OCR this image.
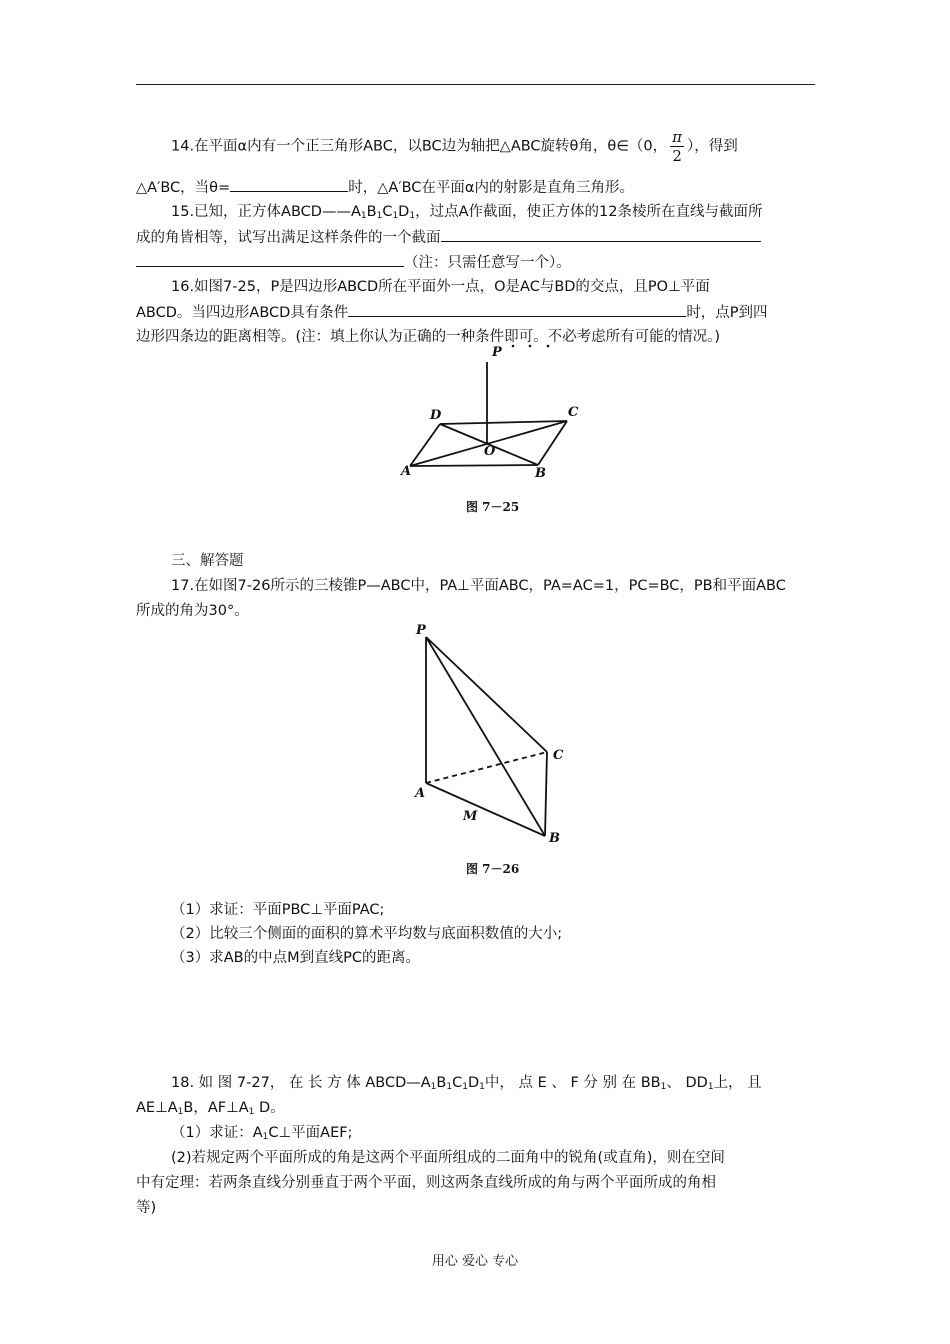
14.在平面α内有一个正三角形ABC，以BC边为轴把△ABC旋转θ角，θ∈（0， $\frac{\pi}{2}$ ），得到
△A′BC，当θ=	时，△A′BC在平面α内的射影是直角三角形。
15.已知，正方体$ABCD——A_1B_1C_1D_1$，过点A作截面，使正方体的12条棱所在直线与截面所
成的角皆相等，试写出满足这样条件的一个截面
（注：只需任意写一个）。
16.如图7-25，P是四边形ABCD所在平面外一点，O是AC与BD的交点，且PO⊥平面
ABCD。当四边形ABCD具有条件	时，点P到四
边形四条边的距离相等。(注：填上你认为正确的一种条件即可。不必考虑所有可能的情况。)
P
D	C
O
A	B
图 7－25
三、解答题
17.在如图7-26所示的三棱锥P—ABC中，PA⊥平面ABC，PA=AC=1，PC=BC，PB和平面ABC
所成的角为30°。
P
A
C
B
M
图 7－26
（1）求证：平面PBC⊥平面PAC;
（2）比较三个侧面的面积的算术平均数与底面积数值的大小;
（3）求AB的中点M到直线PC的距离。
18. 如 图 7-27， 在 长 方 体 $ABCD—A_1B_1C_1D_1$中， 点 E 、 F 分 别 在 $BB_1$、 $DD_1$上， 且
$AE\perp A_1B$，$AF\perp A_1$ D。
（1）求证：$A_1C\perp$平面AEF;
(2)若规定两个平面所成的角是这两个平面所组成的二面角中的锐角(或直角)，则在空间
中有定理：若两条直线分别垂直于两个平面，则这两条直线所成的角与两个平面所成的角相
等)
用心 爱心 专心
